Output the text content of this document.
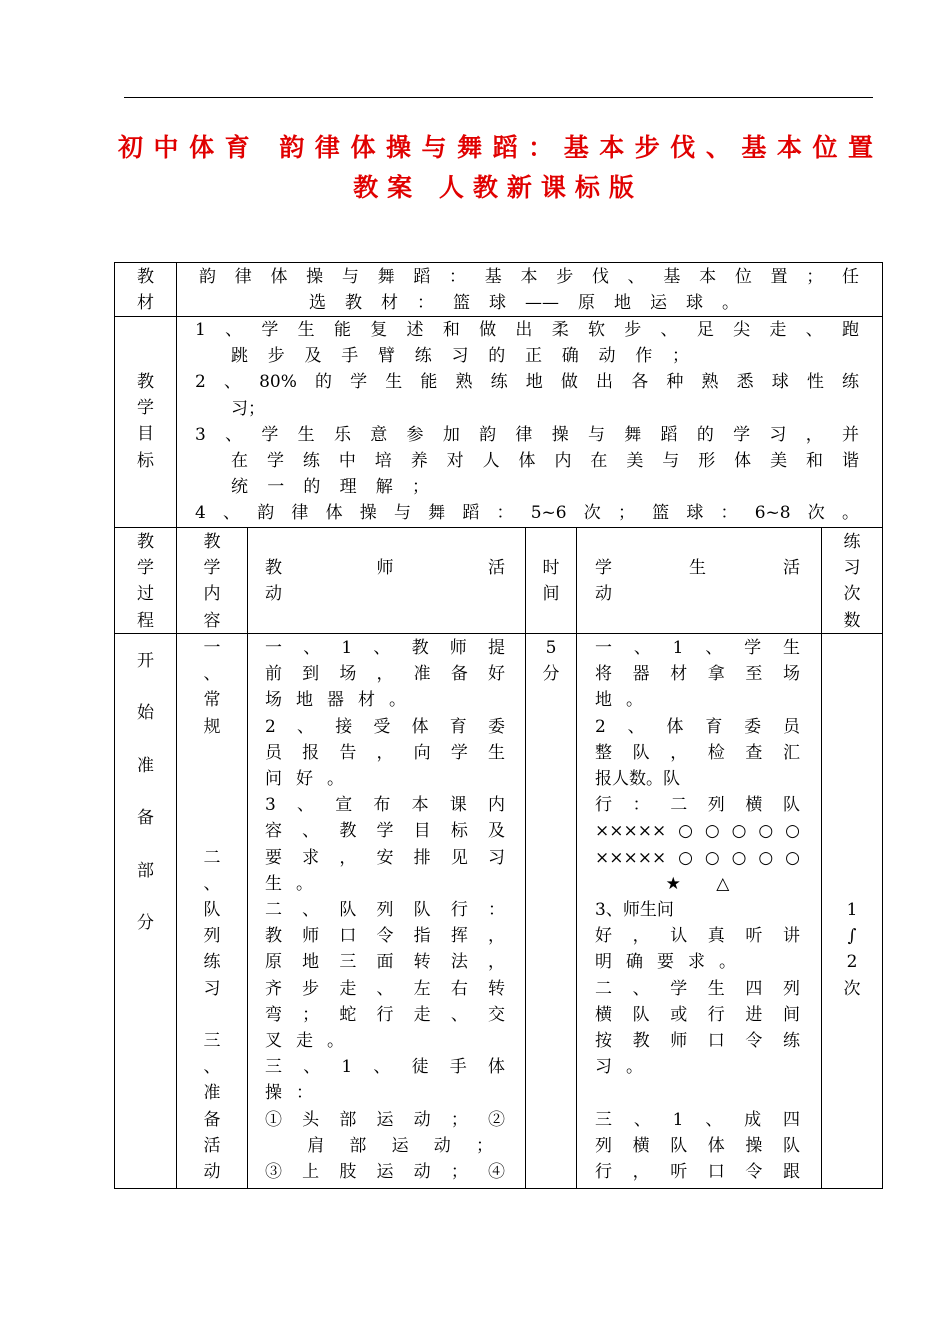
初中体育 韵律体操与舞蹈：基本步伐、基本位置
教案 人教新课标版
教
材
韵律体操与舞蹈：基本步伐、基本位置；任
选教材：篮球——原地运球。
教
学
目
标
1、学生能复述和做出柔软步、足尖走、跑
跳步及手臂练习的正确动作；
2、80%的学生能熟练地做出各种熟悉球性练
习；
3、学生乐意参加韵律操与舞蹈的学习，并
在学练中培养对人体内在美与形体美和谐
统一的理解；
4、韵律体操与舞蹈：5~6次；篮球：6~8次。
教
学
过
程
教
学
内
容
教　　师　　活
动
时
间
学　　生　　活
动
练
习
次
数
开
始
准
备
部
分
一
、
常
规

二
、
队
列
练
习

三
、
准
备
活
动
一、1、教师提
前到场，准备好
场地器材。
2、接受体育委
员报告，向学生
问好。
3、宣布本课内
容、教学目标及
要求，安排见习
生。
二、队列队行：
教师口令指挥，
原地三面转法，
齐步走、左右转
弯；蛇行走、交
叉走。
三、1、徒手体
操：
①头部运动；②
　肩部运动；
③上肢运动；④
5
分
一、1、学生
将器材拿至场
地。
2、体育委员
整队，检查汇
报人数。队
行：二列横队
×××××○○○○○
×××××○○○○○
★ △
3、师生问
好，认真听讲
明确要求。
二、学生四列
横队或行进间
按教师口令练
习。

三、1、成四
列横队体操队
行，听口令跟
1
∫
2
次
